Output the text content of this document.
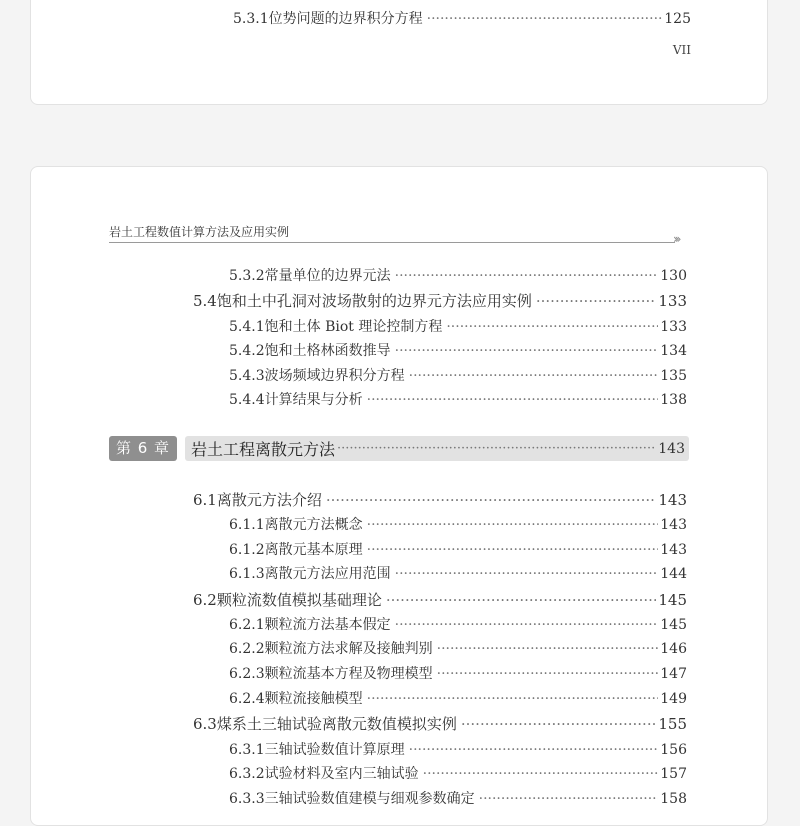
5.3.1 位势问题的边界积分方程 ·····	125
VII
岩土工程数值计算方法及应用实例	›››
5.3.2 常量单位的边界元法 ·····	130
5.4 饱和土中孔洞对波场散射的边界元方法应用实例 ·····	133
5.4.1 饱和土体 Biot 理论控制方程 ·····	133
5.4.2 饱和土格林函数推导 ·····	134
5.4.3 波场频域边界积分方程 ·····	135
5.4.4 计算结果与分析 ·····	138
第 6 章	岩土工程离散元方法 ·····	143
6.1 离散元方法介绍 ·····	143
6.1.1 离散元方法概念 ·····	143
6.1.2 离散元基本原理 ·····	143
6.1.3 离散元方法应用范围 ·····	144
6.2 颗粒流数值模拟基础理论 ·····	145
6.2.1 颗粒流方法基本假定 ·····	145
6.2.2 颗粒流方法求解及接触判别 ·····	146
6.2.3 颗粒流基本方程及物理模型 ·····	147
6.2.4 颗粒流接触模型 ·····	149
6.3 煤系土三轴试验离散元数值模拟实例 ·····	155
6.3.1 三轴试验数值计算原理 ·····	156
6.3.2 试验材料及室内三轴试验 ·····	157
6.3.3 三轴试验数值建模与细观参数确定 ·····	158
